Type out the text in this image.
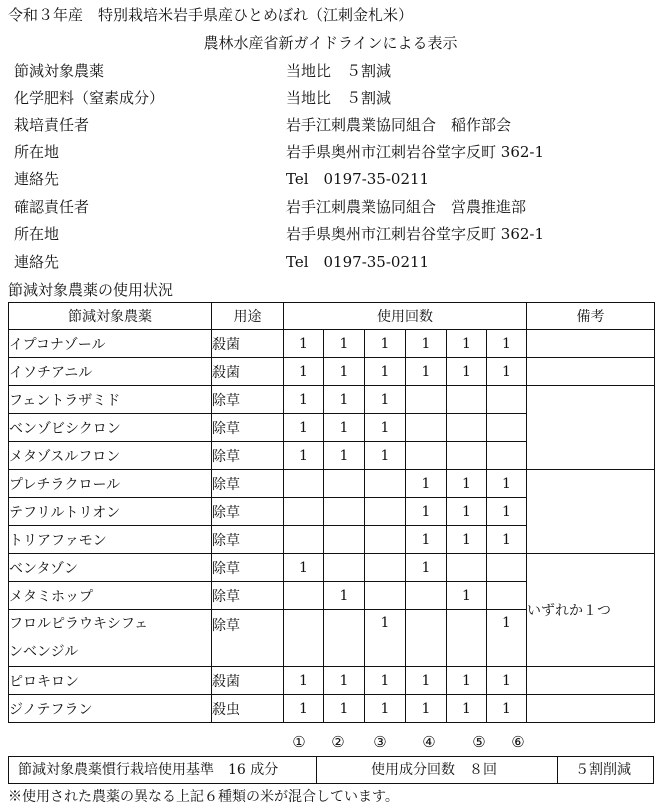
令和３年産　特別栽培米岩手県産ひとめぼれ（江刺金札米）
農林水産省新ガイドラインによる表示
節減対象農薬	当地比　５割減
化学肥料（窒素成分）	当地比　５割減
栽培責任者	岩手江刺農業協同組合　稲作部会
所在地	岩手県奥州市江刺岩谷堂字反町 362-1
連絡先	Tel　0197-35-0211
確認責任者	岩手江刺農業協同組合　営農推進部
所在地	岩手県奥州市江刺岩谷堂字反町 362-1
連絡先	Tel　0197-35-0211
節減対象農薬の使用状況
節減対象農薬	用途	使用回数						備考
イプコナゾール	殺菌	1	1	1	1	1	1	
イソチアニル	殺菌	1	1	1	1	1	1	
フェントラザミド	除草	1	1	1				
ベンゾビシクロン	除草	1	1	1				
メタゾスルフロン	除草	1	1	1				
プレチラクロール	除草				1	1	1	
テフリルトリオン	除草				1	1	1	
トリアファモン	除草				1	1	1	
ベンタゾン	除草	1			1			いずれか１つ
メタミホップ	除草		1			1		

フロルピラウキシフェ
ンベンジル	除草			1			1	
ピロキロン	殺菌	1	1	1	1	1	1	
ジノテフラン	殺虫	1	1	1	1	1	1	
① ② ③ ④ ⑤ ⑥
節減対象農薬慣行栽培使用基準　16 成分	使用成分回数　８回	５割削減
※使用された農薬の異なる上記６種類の米が混合しています。
